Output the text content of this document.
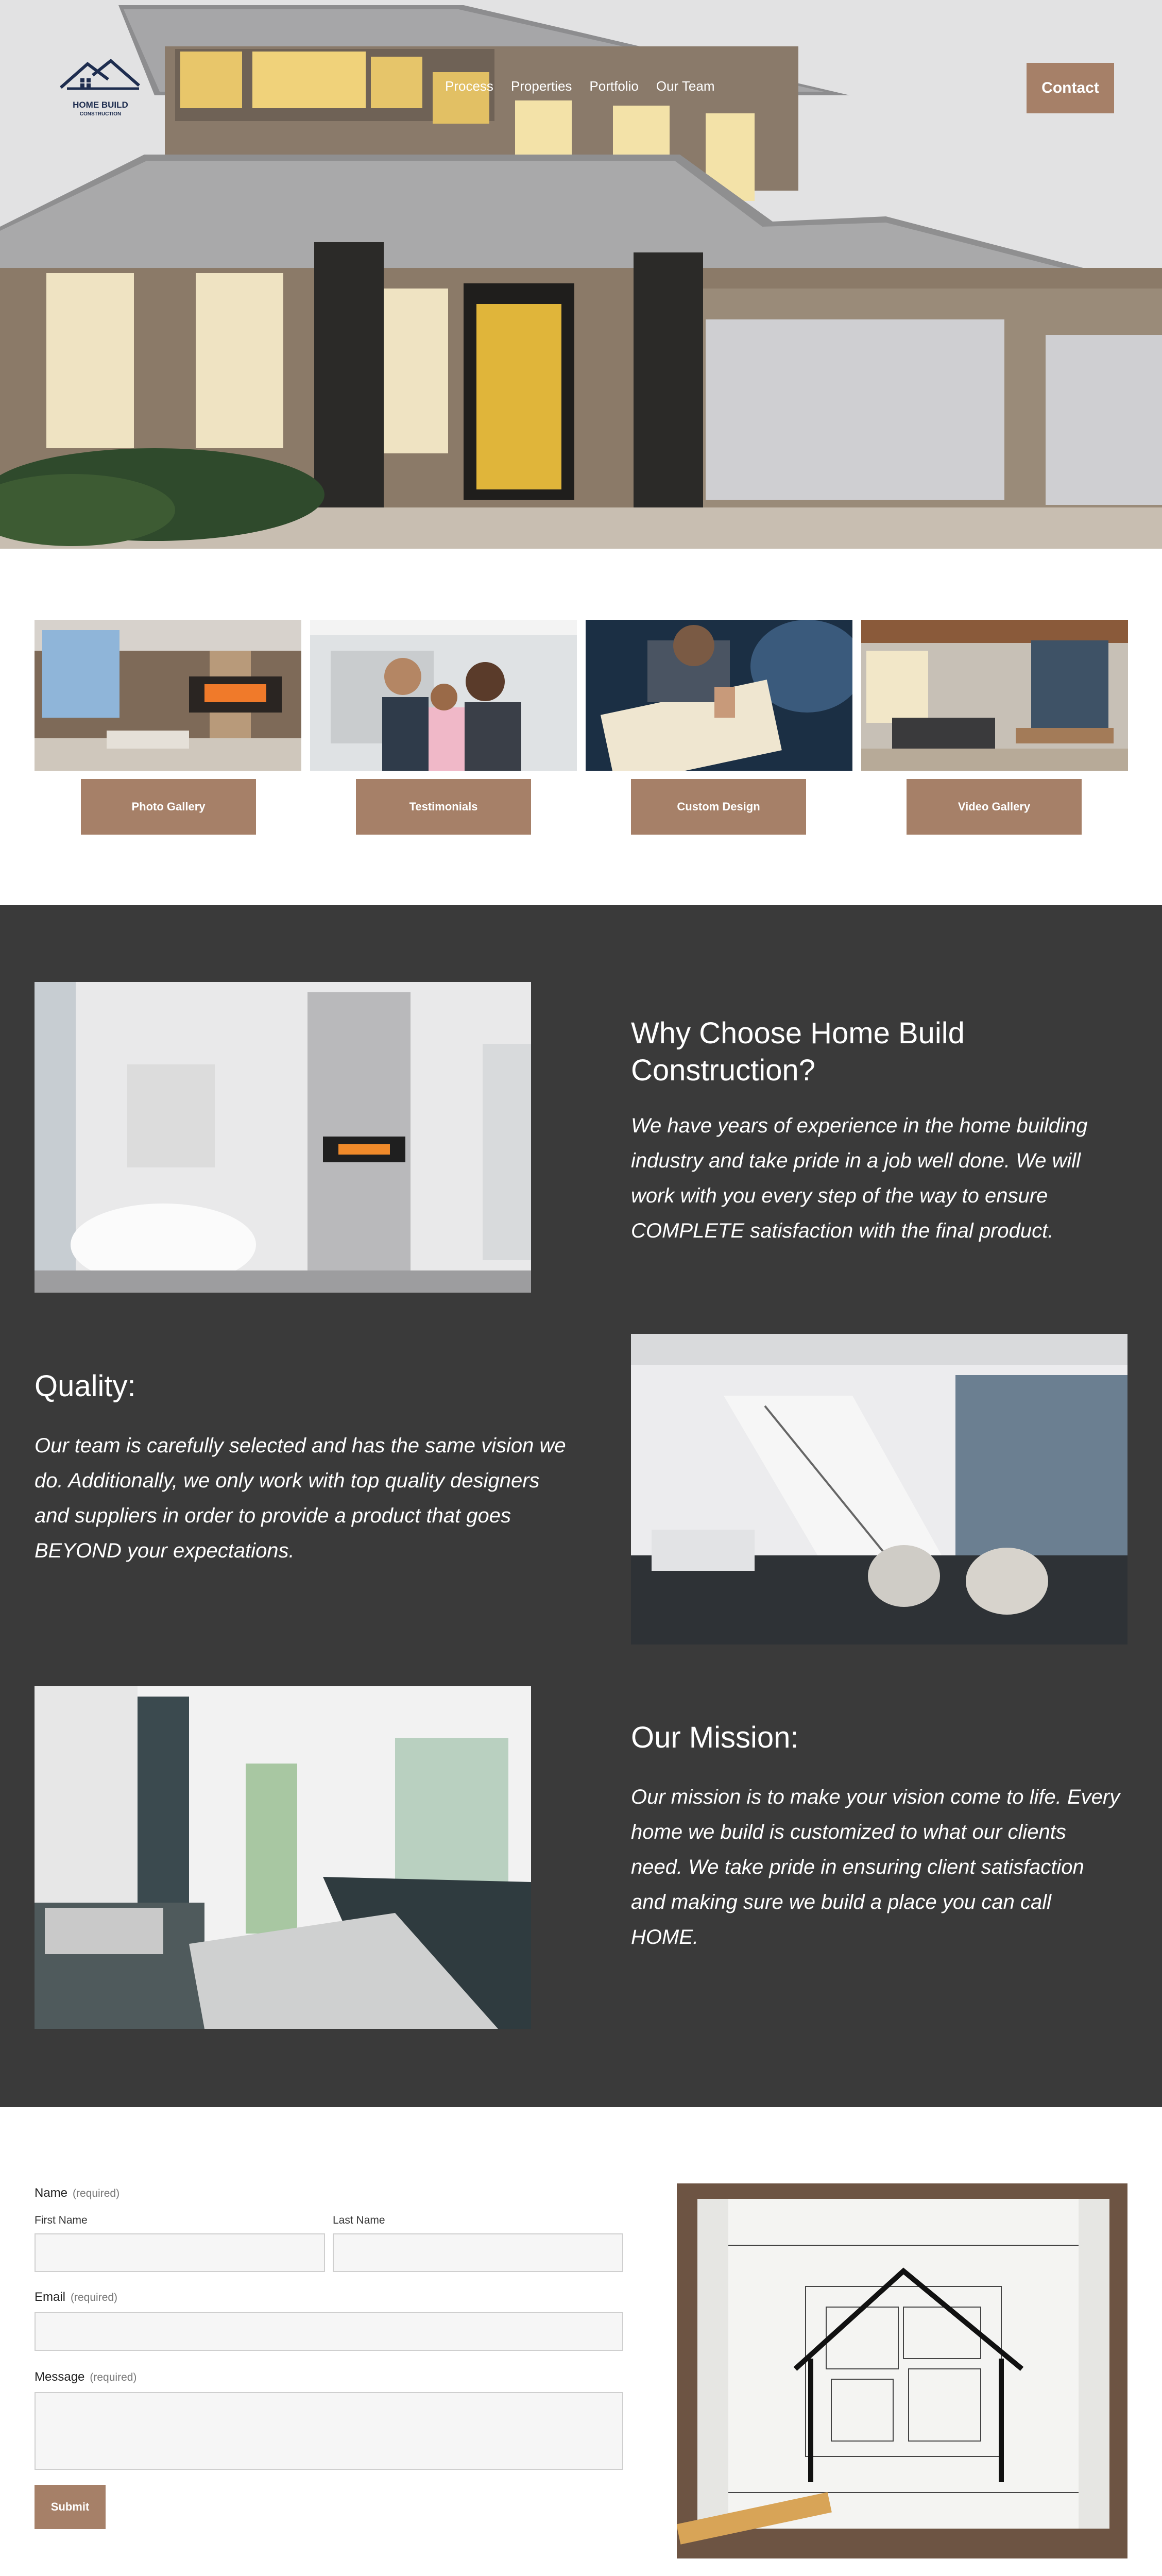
HOME BUILD
CONSTRUCTION
Process Properties Portfolio Our Team	Contact
Photo Gallery	Testimonials	Custom Design	Video Gallery
Why Choose Home Build Construction?

We have years of experience in the home building industry and take pride in a job well done. We will work with you every step of the way to ensure COMPLETE satisfaction with the final product.

Quality:

Our team is carefully selected and has the same vision we do. Additionally, we only work with top quality designers and suppliers in order to provide a product that goes BEYOND your expectations.

Our Mission:

Our mission is to make your vision come to life. Every home we build is customized to what our clients need. We take pride in ensuring client satisfaction and making sure we build a place you can call HOME.

Name (required)
First Name	Last Name
Email (required)
Message (required)
Submit
